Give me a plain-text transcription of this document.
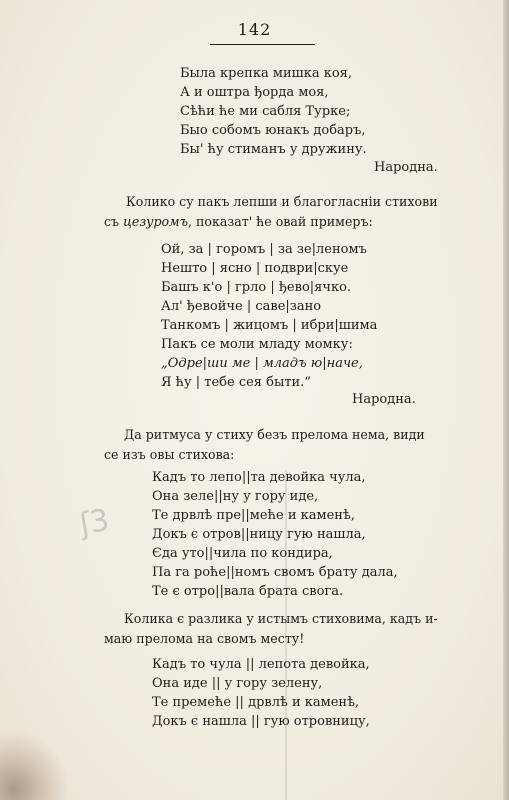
ʃ3
142
Была крепка мишка коя,
А и оштра ђорда моя,
Сѣћи ће ми сабля Турке;
Быо собомъ юнакъ добаръ,
Бы' ћу стиманъ у дружину.
Народна.
Колико су пакъ лепши и благогласніи стихови
съ цезуромъ, показат' ће овай примеръ:
Ой, за | горомъ | за зе|леномъ
Нешто | ясно | подври|скуе
Башъ к'о | грло | ђево|ячко.
Ал' ђевойче | саве|зано
Танкомъ | жицомъ | ибри|шима
Пакъ се моли младу момку:
„Одре|ши ме | младъ ю|наче,
Я ћу | тебе сея быти.“
Народна.
Да ритмуса у стиху безъ прелома нема, види
се изъ овы стихова:
Кадъ то лепо||та девойка чула,
Она зеле||ну у гору иде,
Те дрвлѣ пре||меће и каменѣ,
Докъ є отров||ницу гую нашла,
Єда уто||чила по кондира,
Па га роће||номъ свомъ брату дала,
Те є отро||вала брата свога.
Колика є разлика у истымъ стиховима, кадъ и-
маю прелома на свомъ месту!
Кадъ то чула || лепота девойка,
Она иде || у гору зелену,
Те премеће || дрвлѣ и каменѣ,
Докъ є нашла || гую отровницу,
